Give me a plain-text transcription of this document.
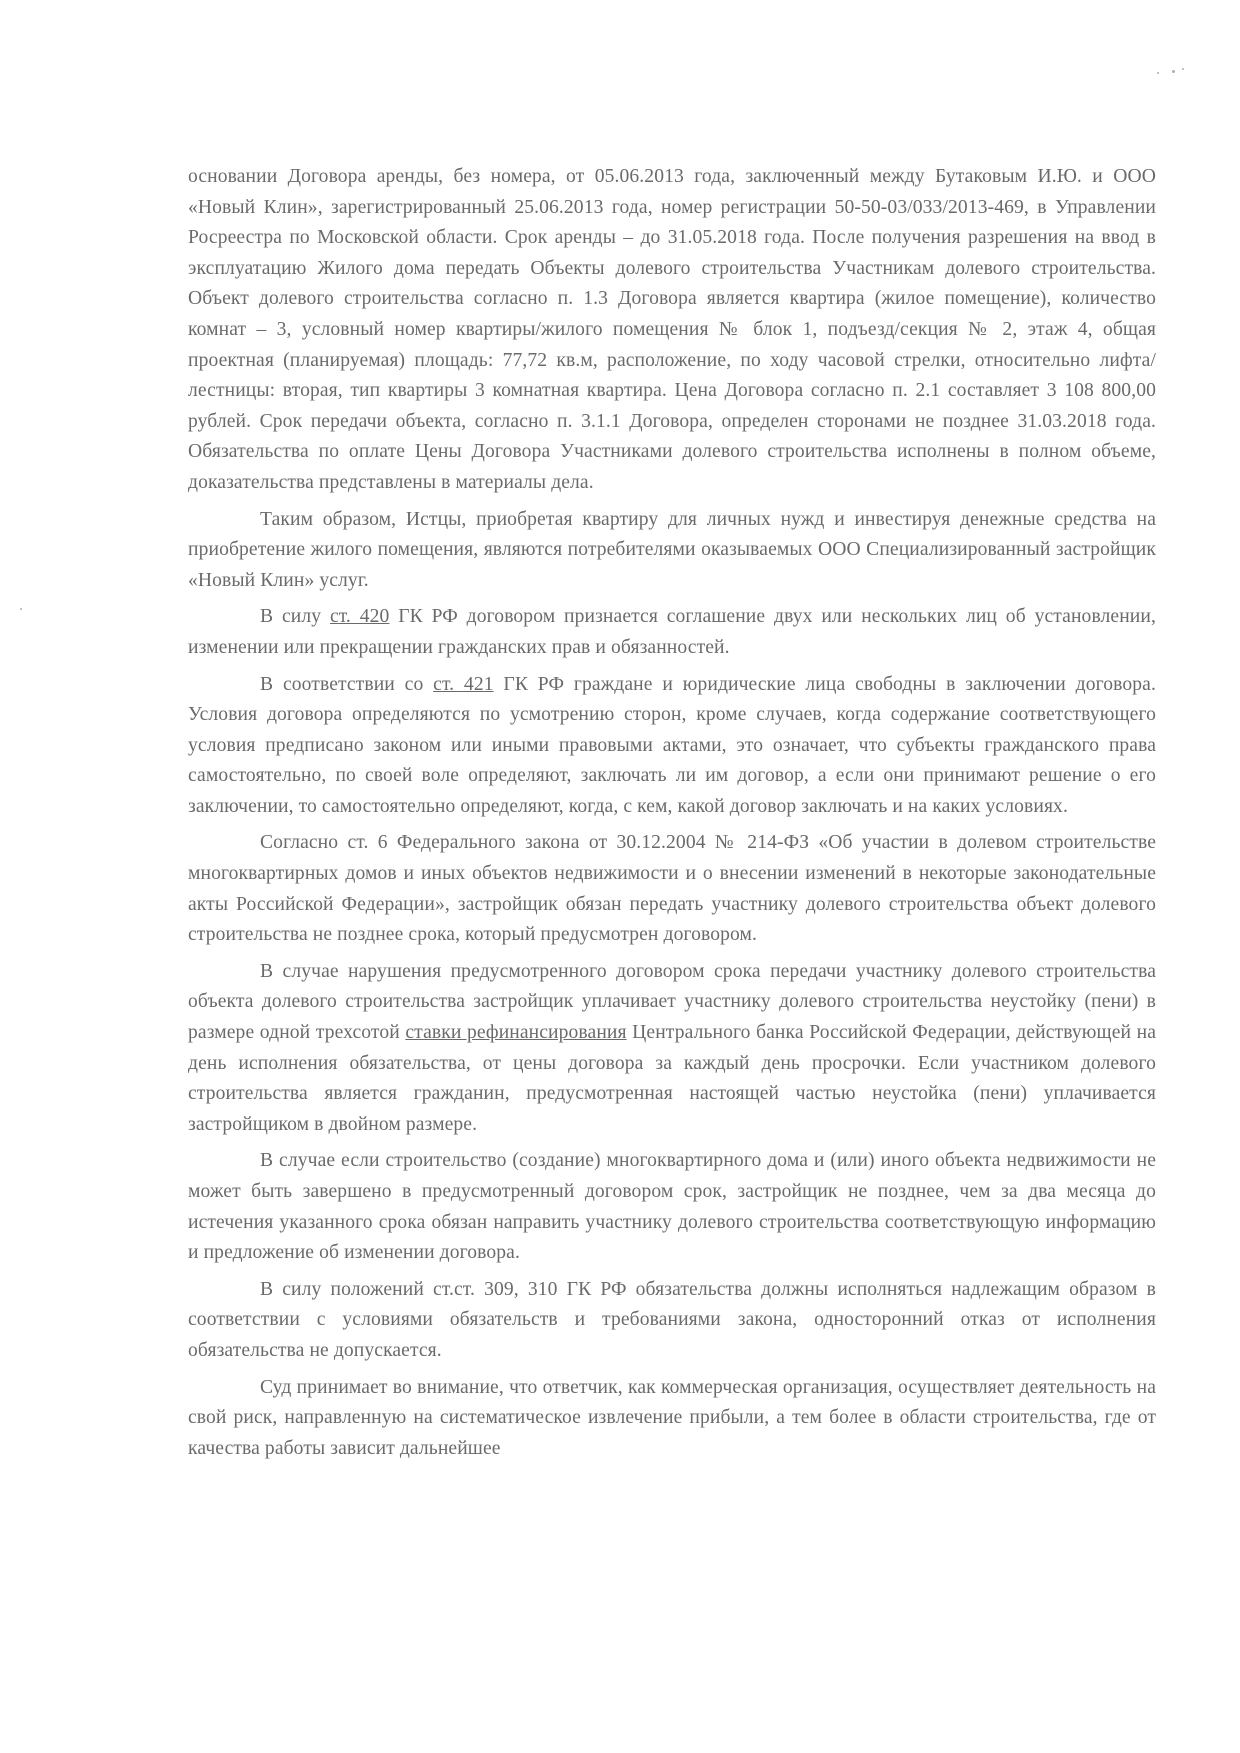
основании Договора аренды, без номера, от 05.06.2013 года, заключенный между Бутаковым И.Ю. и ООО «Новый Клин», зарегистрированный 25.06.2013 года, номер регистрации 50-50-03/033/2013-469, в Управлении Росреестра по Московской области. Срок аренды – до 31.05.2018 года. После получения разрешения на ввод в эксплуатацию Жилого дома передать Объекты долевого строительства Участникам долевого строительства. Объект долевого строительства согласно п. 1.3 Договора является квартира (жилое помещение), количество комнат – 3, условный номер квартиры/жилого помещения № блок 1, подъезд/секция № 2, этаж 4, общая проектная (планируемая) площадь: 77,72 кв.м, расположение, по ходу часовой стрелки, относительно лифта/лестницы: вторая, тип квартиры 3 комнатная квартира. Цена Договора согласно п. 2.1 составляет 3 108 800,00 рублей. Срок передачи объекта, согласно п. 3.1.1 Договора, определен сторонами не позднее 31.03.2018 года. Обязательства по оплате Цены Договора Участниками долевого строительства исполнены в полном объеме, доказательства представлены в материалы дела.

Таким образом, Истцы, приобретая квартиру для личных нужд и инвестируя денежные средства на приобретение жилого помещения, являются потребителями оказываемых ООО Специализированный застройщик «Новый Клин» услуг.

В силу ст. 420 ГК РФ договором признается соглашение двух или нескольких лиц об установлении, изменении или прекращении гражданских прав и обязанностей.

В соответствии со ст. 421 ГК РФ граждане и юридические лица свободны в заключении договора. Условия договора определяются по усмотрению сторон, кроме случаев, когда содержание соответствующего условия предписано законом или иными правовыми актами, это означает, что субъекты гражданского права самостоятельно, по своей воле определяют, заключать ли им договор, а если они принимают решение о его заключении, то самостоятельно определяют, когда, с кем, какой договор заключать и на каких условиях.

Согласно ст. 6 Федерального закона от 30.12.2004 № 214-ФЗ «Об участии в долевом строительстве многоквартирных домов и иных объектов недвижимости и о внесении изменений в некоторые законодательные акты Российской Федерации», застройщик обязан передать участнику долевого строительства объект долевого строительства не позднее срока, который предусмотрен договором.

В случае нарушения предусмотренного договором срока передачи участнику долевого строительства объекта долевого строительства застройщик уплачивает участнику долевого строительства неустойку (пени) в размере одной трехсотой ставки рефинансирования Центрального банка Российской Федерации, действующей на день исполнения обязательства, от цены договора за каждый день просрочки. Если участником долевого строительства является гражданин, предусмотренная настоящей частью неустойка (пени) уплачивается застройщиком в двойном размере.

В случае если строительство (создание) многоквартирного дома и (или) иного объекта недвижимости не может быть завершено в предусмотренный договором срок, застройщик не позднее, чем за два месяца до истечения указанного срока обязан направить участнику долевого строительства соответствующую информацию и предложение об изменении договора.

В силу положений ст.ст. 309, 310 ГК РФ обязательства должны исполняться надлежащим образом в соответствии с условиями обязательств и требованиями закона, односторонний отказ от исполнения обязательства не допускается.

Суд принимает во внимание, что ответчик, как коммерческая организация, осуществляет деятельность на свой риск, направленную на систематическое извлечение прибыли, а тем более в области строительства, где от качества работы зависит дальнейшее
